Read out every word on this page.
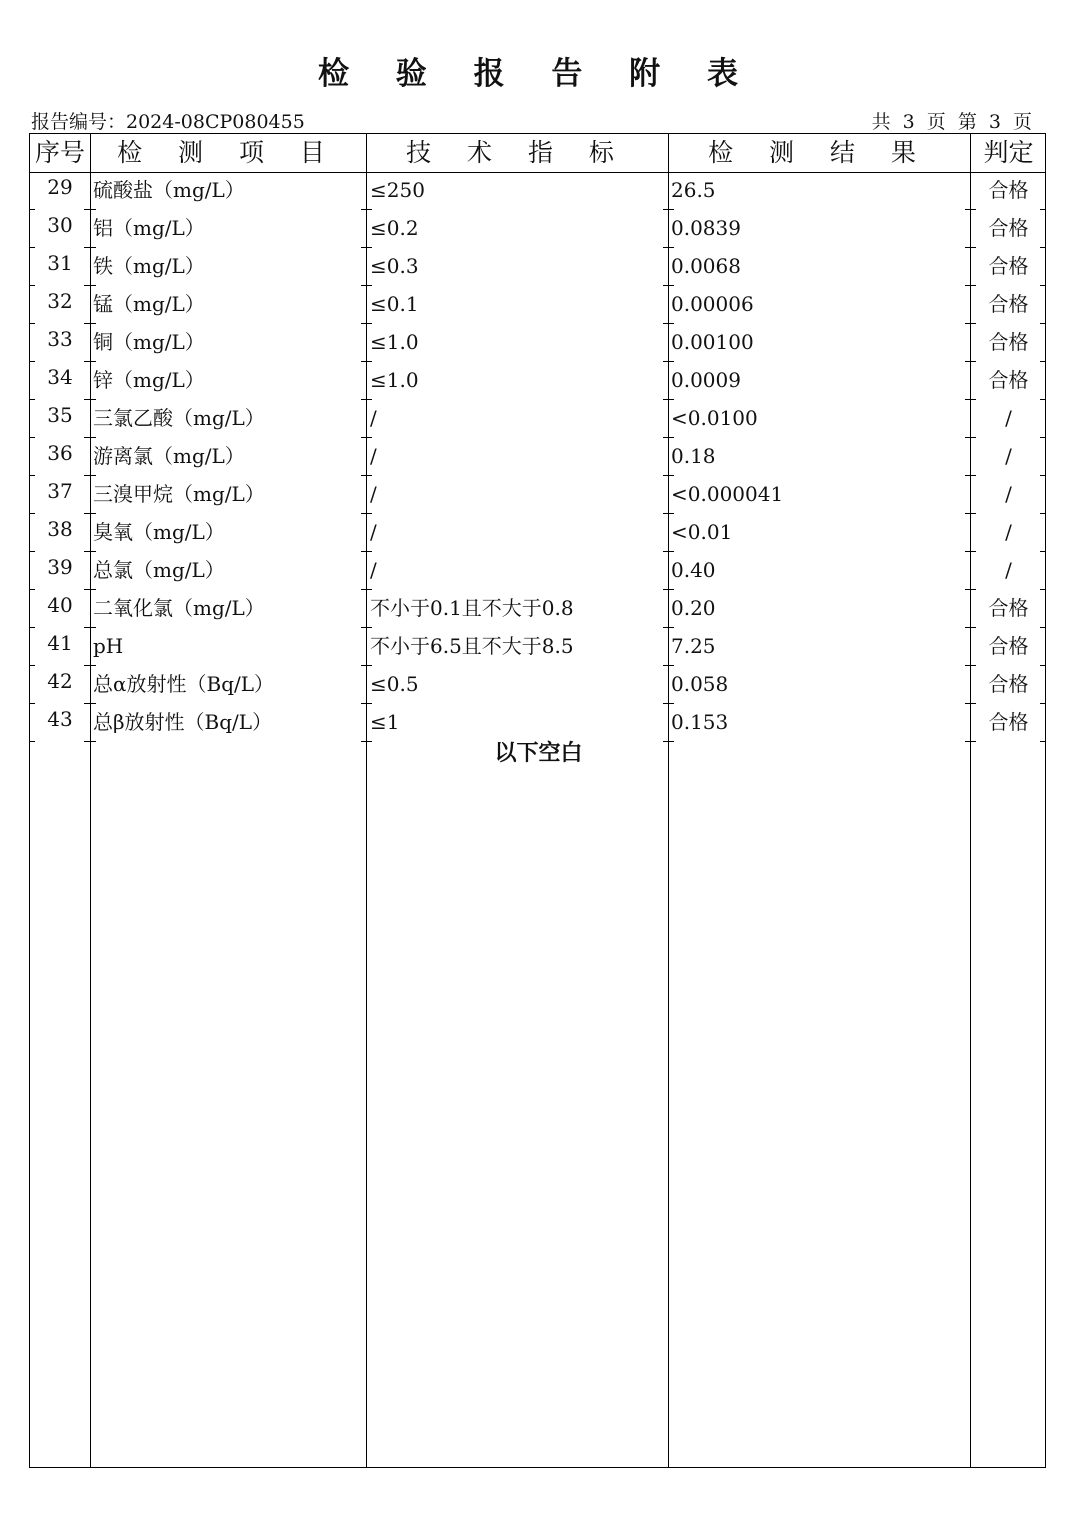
检 验 报 告 附 表
报告编号：2024-08CP080455	共 3 页 第 3 页
序号	检 测 项 目	技 术 指 标	检 测 结 果	判定
29	硫酸盐（mg/L）	≤250	26.5	合格
30	铝（mg/L）	≤0.2	0.0839	合格
31	铁（mg/L）	≤0.3	0.0068	合格
32	锰（mg/L）	≤0.1	0.00006	合格
33	铜（mg/L）	≤1.0	0.00100	合格
34	锌（mg/L）	≤1.0	0.0009	合格
35	三氯乙酸（mg/L）	/	<0.0100	/
36	游离氯（mg/L）	/	0.18	/
37	三溴甲烷（mg/L）	/	<0.000041	/
38	臭氧（mg/L）	/	<0.01	/
39	总氯（mg/L）	/	0.40	/
40	二氧化氯（mg/L）	不小于0.1且不大于0.8	0.20	合格
41	pH	不小于6.5且不大于8.5	7.25	合格
42	总α放射性（Bq/L）	≤0.5	0.058	合格
43	总β放射性（Bq/L）	≤1	0.153	合格
以下空白
